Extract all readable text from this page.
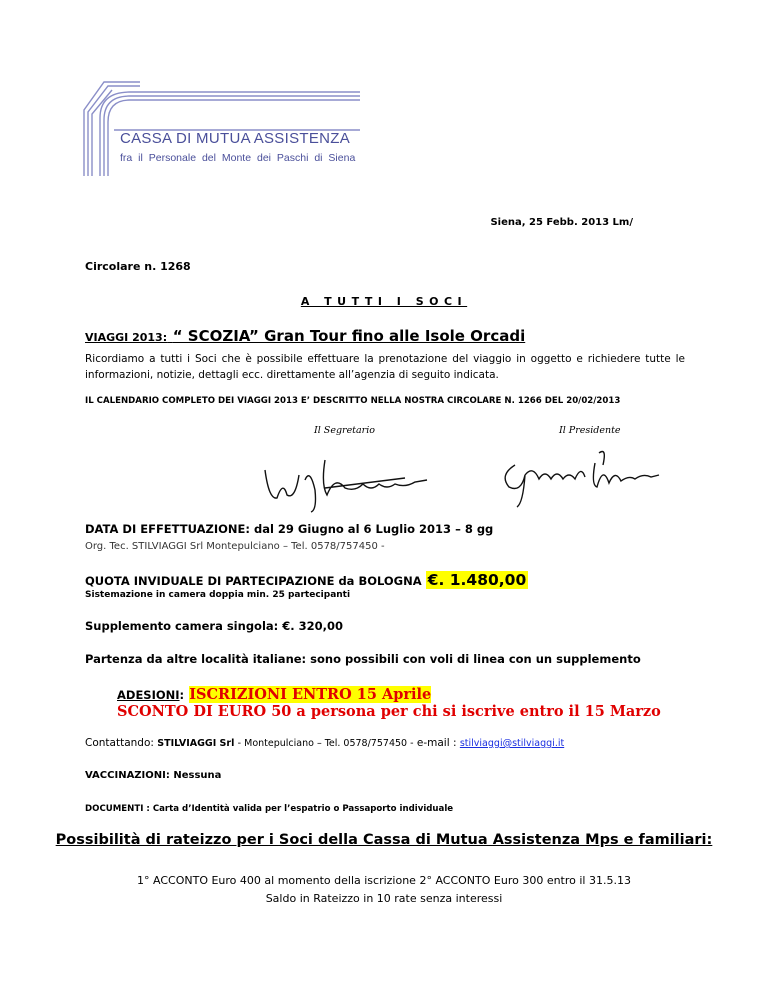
CASSA DI MUTUA ASSISTENZA
fra il Personale del Monte dei Paschi di Siena
Siena, 25 Febb. 2013 Lm/
Circolare n. 1268
A TUTTI I SOCI
VIAGGI 2013: “ SCOZIA” Gran Tour fino alle Isole Orcadi
Ricordiamo a tutti i Soci che è possibile effettuare la prenotazione del viaggio in oggetto e richiedere tutte le informazioni, notizie, dettagli ecc. direttamente all’agenzia di seguito indicata.
IL CALENDARIO COMPLETO DEI VIAGGI 2013 E’ DESCRITTO NELLA NOSTRA CIRCOLARE N. 1266 DEL 20/02/2013
Il Segretario	Il Presidente
DATA DI EFFETTUAZIONE: dal 29 Giugno al 6 Luglio 2013 – 8 gg
Org. Tec. STILVIAGGI Srl Montepulciano – Tel. 0578/757450 -
QUOTA INVIDUALE DI PARTECIPAZIONE da BOLOGNA €. 1.480,00
Sistemazione in camera doppia min. 25 partecipanti
Supplemento camera singola: €. 320,00
Partenza da altre località italiane: sono possibili con voli di linea con un supplemento
ADESIONI: ISCRIZIONI ENTRO 15 Aprile
SCONTO DI EURO 50 a persona per chi si iscrive entro il 15 Marzo
Contattando: STILVIAGGI Srl - Montepulciano – Tel. 0578/757450 - e-mail : stilviaggi@stilviaggi.it
VACCINAZIONI: Nessuna
DOCUMENTI : Carta d’Identità valida per l’espatrio o Passaporto individuale
Possibilità di rateizzo per i Soci della Cassa di Mutua Assistenza Mps e familiari:
1° ACCONTO Euro 400 al momento della iscrizione 2° ACCONTO Euro 300 entro il 31.5.13
Saldo in Rateizzo in 10 rate senza interessi
